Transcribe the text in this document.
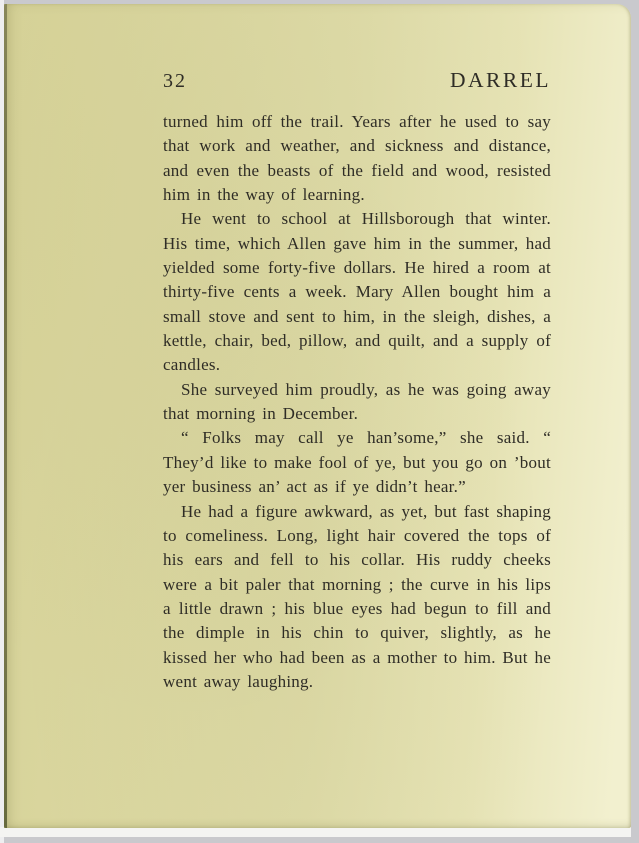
32	DARREL

turned him off the trail. Years after he used to say that work and weather, and sickness and distance, and even the beasts of the field and wood, resisted him in the way of learning.

He went to school at Hillsborough that winter. His time, which Allen gave him in the summer, had yielded some forty-five dollars. He hired a room at thirty-five cents a week. Mary Allen bought him a small stove and sent to him, in the sleigh, dishes, a kettle, chair, bed, pillow, and quilt, and a supply of candles.

She surveyed him proudly, as he was going away that morning in December.

“ Folks may call ye han’some,” she said. “ They’d like to make fool of ye, but you go on ’bout yer business an’ act as if ye didn’t hear.”

He had a figure awkward, as yet, but fast shaping to comeliness. Long, light hair covered the tops of his ears and fell to his collar. His ruddy cheeks were a bit paler that morning ; the curve in his lips a little drawn ; his blue eyes had begun to fill and the dimple in his chin to quiver, slightly, as he kissed her who had been as a mother to him. But he went away laughing.
